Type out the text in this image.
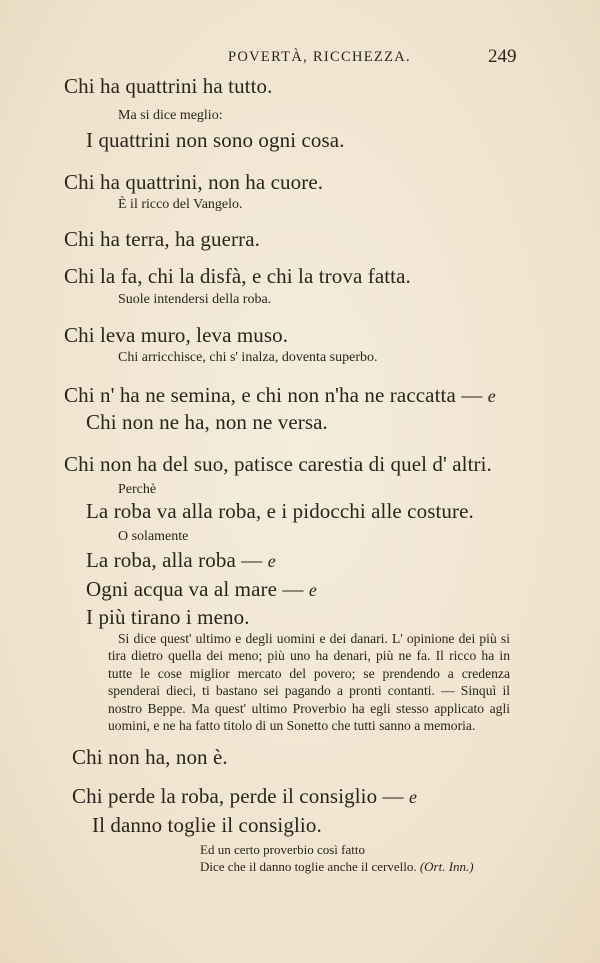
POVERTÀ, RICCHEZZA.	249
Chi ha quattrini ha tutto.
Ma si dice meglio:
I quattrini non sono ogni cosa.
Chi ha quattrini, non ha cuore.
È il ricco del Vangelo.
Chi ha terra, ha guerra.
Chi la fa, chi la disfà, e chi la trova fatta.
Suole intendersi della roba.
Chi leva muro, leva muso.
Chi arricchisce, chi s' inalza, doventa superbo.
Chi n' ha ne semina, e chi non n'ha ne raccatta — e
Chi non ne ha, non ne versa.
Chi non ha del suo, patisce carestia di quel d' altri.
Perchè
La roba va alla roba, e i pidocchi alle costure.
O solamente
La roba, alla roba — e
Ogni acqua va al mare — e
I più tirano i meno.

Si dice quest' ultimo e degli uomini e dei danari. L' opinione dei più si tira dietro quella dei meno; più uno ha denari, più ne fa. Il ricco ha in tutte le cose miglior mercato del povero; se prendendo a credenza spenderai dieci, ti bastano sei pagando a pronti contanti. — Sinquì il nostro Beppe. Ma quest' ultimo Proverbio ha egli stesso applicato agli uomini, e ne ha fatto titolo di un Sonetto che tutti sanno a memoria.

Chi non ha, non è.
Chi perde la roba, perde il consiglio — e
Il danno toglie il consiglio.
Ed un certo proverbio così fatto
Dice che il danno toglie anche il cervello. (Ort. Inn.)
